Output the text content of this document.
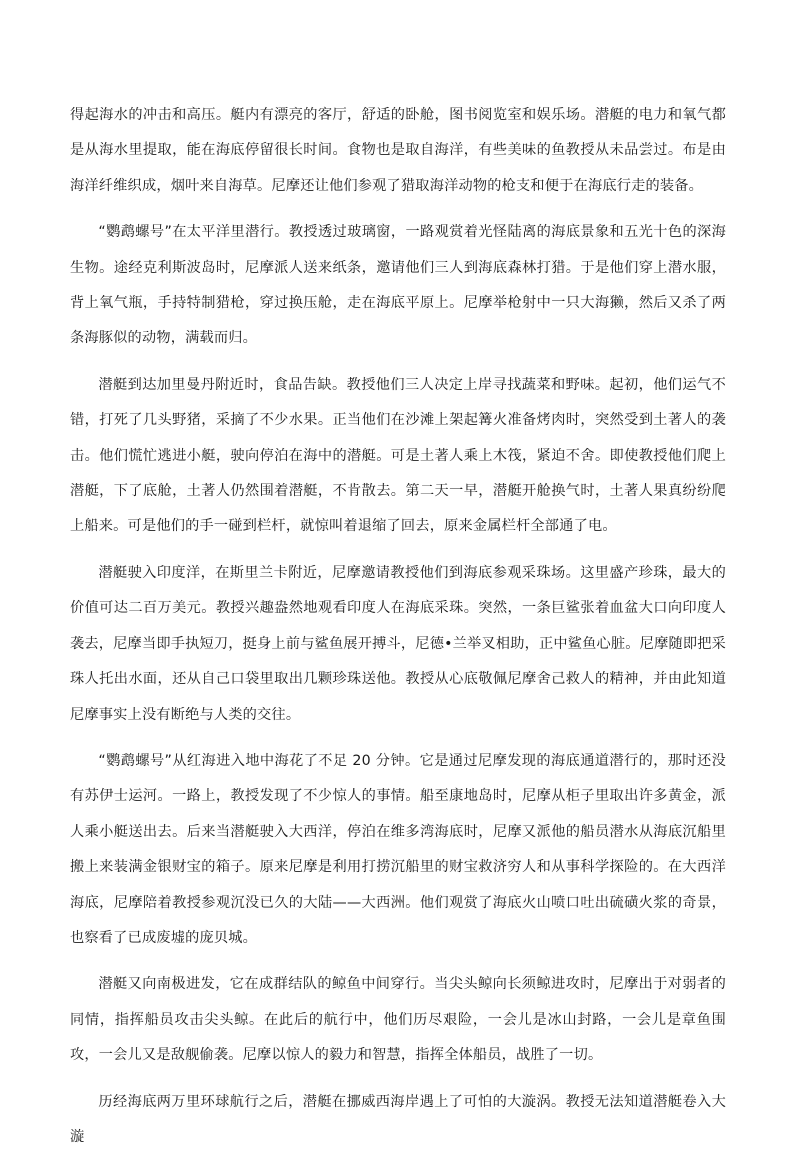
得起海水的冲击和高压。艇内有漂亮的客厅，舒适的卧舱，图书阅览室和娱乐场。潜艇的电力和氧气都是从海水里提取，能在海底停留很长时间。食物也是取自海洋，有些美味的鱼教授从未品尝过。布是由海洋纤维织成，烟叶来自海草。尼摩还让他们参观了猎取海洋动物的枪支和便于在海底行走的装备。

“鹦鹉螺号”在太平洋里潜行。教授透过玻璃窗，一路观赏着光怪陆离的海底景象和五光十色的深海生物。途经克利斯波岛时，尼摩派人送来纸条，邀请他们三人到海底森林打猎。于是他们穿上潜水服，背上氧气瓶，手持特制猎枪，穿过换压舱，走在海底平原上。尼摩举枪射中一只大海獭，然后又杀了两条海豚似的动物，满载而归。

潜艇到达加里曼丹附近时，食品告缺。教授他们三人决定上岸寻找蔬菜和野味。起初，他们运气不错，打死了几头野猪，采摘了不少水果。正当他们在沙滩上架起篝火准备烤肉时，突然受到土著人的袭击。他们慌忙逃进小艇，驶向停泊在海中的潜艇。可是土著人乘上木筏，紧迫不舍。即使教授他们爬上潜艇，下了底舱，土著人仍然围着潜艇，不肯散去。第二天一早，潜艇开舱换气时，土著人果真纷纷爬上船来。可是他们的手一碰到栏杆，就惊叫着退缩了回去，原来金属栏杆全部通了电。

潜艇驶入印度洋，在斯里兰卡附近，尼摩邀请教授他们到海底参观采珠场。这里盛产珍珠，最大的价值可达二百万美元。教授兴趣盎然地观看印度人在海底采珠。突然，一条巨鲨张着血盆大口向印度人袭去，尼摩当即手执短刀，挺身上前与鲨鱼展开搏斗，尼德•兰举叉相助，正中鲨鱼心脏。尼摩随即把采珠人托出水面，还从自己口袋里取出几颗珍珠送他。教授从心底敬佩尼摩舍己救人的精神，并由此知道尼摩事实上没有断绝与人类的交往。

“鹦鹉螺号”从红海进入地中海花了不足 20 分钟。它是通过尼摩发现的海底通道潜行的，那时还没有苏伊士运河。一路上，教授发现了不少惊人的事情。船至康地岛时，尼摩从柜子里取出许多黄金，派人乘小艇送出去。后来当潜艇驶入大西洋，停泊在维多湾海底时，尼摩又派他的船员潜水从海底沉船里搬上来装满金银财宝的箱子。原来尼摩是利用打捞沉船里的财宝救济穷人和从事科学探险的。在大西洋海底，尼摩陪着教授参观沉没已久的大陆——大西洲。他们观赏了海底火山喷口吐出硫磺火浆的奇景，也察看了已成废墟的庞贝城。

潜艇又向南极进发，它在成群结队的鲸鱼中间穿行。当尖头鲸向长须鲸进攻时，尼摩出于对弱者的同情，指挥船员攻击尖头鲸。在此后的航行中，他们历尽艰险，一会儿是冰山封路，一会儿是章鱼围攻，一会儿又是敌舰偷袭。尼摩以惊人的毅力和智慧，指挥全体船员，战胜了一切。

历经海底两万里环球航行之后，潜艇在挪威西海岸遇上了可怕的大漩涡。教授无法知道潜艇卷入大漩
